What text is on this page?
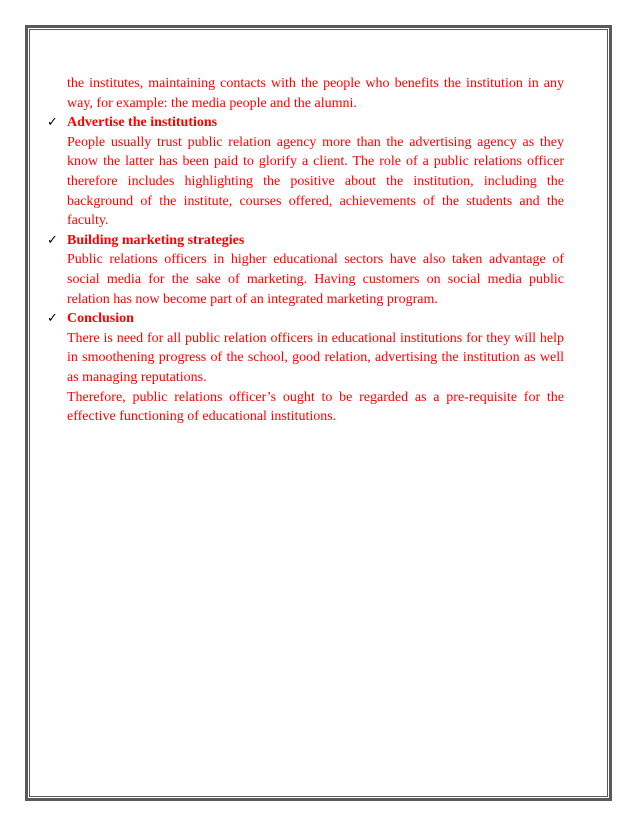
the institutes, maintaining contacts with the people who benefits the institution in any way, for example: the media people and the alumni.

✓ Advertise the institutions

People usually trust public relation agency more than the advertising agency as they know the latter has been paid to glorify a client. The role of a public relations officer therefore includes highlighting the positive about the institution, including the background of the institute, courses offered, achievements of the students and the faculty.

✓ Building marketing strategies

Public relations officers in higher educational sectors have also taken advantage of social media for the sake of marketing. Having customers on social media public relation has now become part of an integrated marketing program.

✓ Conclusion

There is need for all public relation officers in educational institutions for they will help in smoothening progress of the school, good relation, advertising the institution as well as managing reputations.

Therefore, public relations officer’s ought to be regarded as a pre-requisite for the effective functioning of educational institutions.
